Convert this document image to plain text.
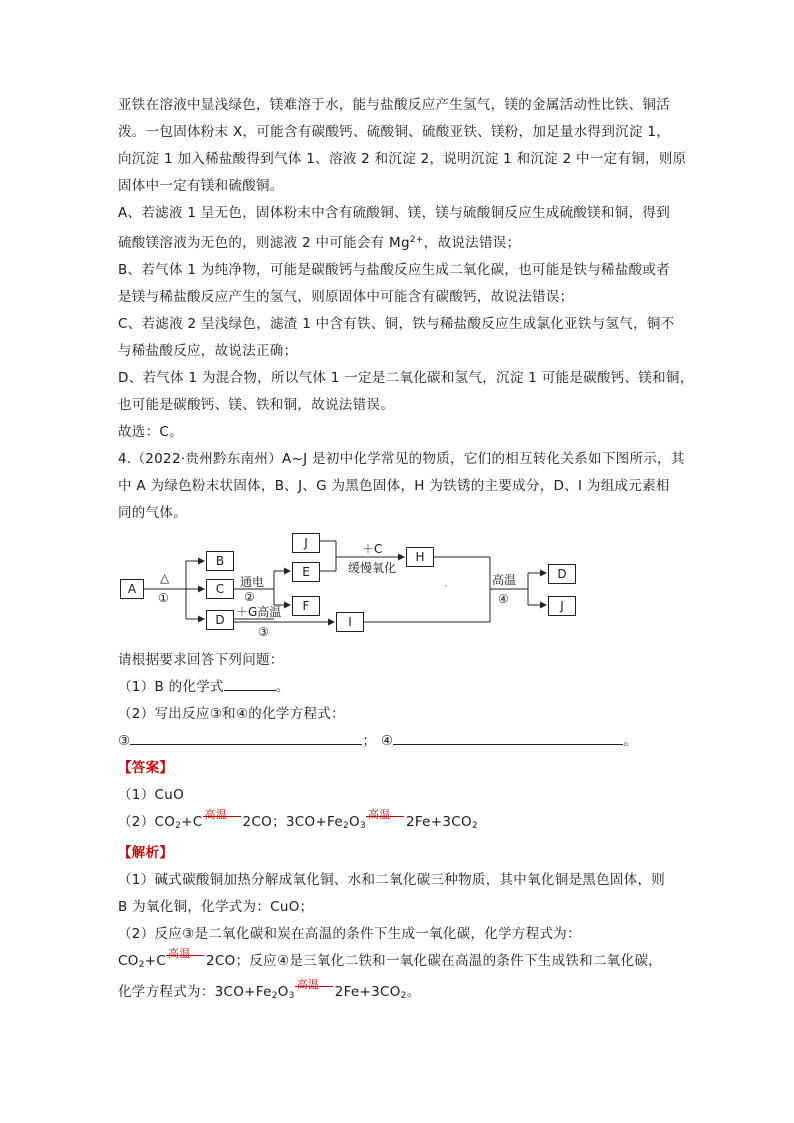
亚铁在溶液中显浅绿色，镁难溶于水，能与盐酸反应产生氢气，镁的金属活动性比铁、铜活
泼。一包固体粉末 X，可能含有碳酸钙、硫酸铜、硫酸亚铁、镁粉，加足量水得到沉淀 1，
向沉淀 1 加入稀盐酸得到气体 1、溶液 2 和沉淀 2，说明沉淀 1 和沉淀 2 中一定有铜，则原
固体中一定有镁和硫酸铜。
A、若滤液 1 呈无色，固体粉末中含有硫酸铜、镁，镁与硫酸铜反应生成硫酸镁和铜，得到
硫酸镁溶液为无色的，则滤液 2 中可能会有 $Mg^{2+}$，故说法错误；
B、若气体 1 为纯净物，可能是碳酸钙与盐酸反应生成二氧化碳，也可能是铁与稀盐酸或者
是镁与稀盐酸反应产生的氢气，则原固体中可能含有碳酸钙，故说法错误；
C、若滤液 2 呈浅绿色，滤渣 1 中含有铁、铜，铁与稀盐酸反应生成氯化亚铁与氢气，铜不
与稀盐酸反应，故说法正确；
D、若气体 1 为混合物，所以气体 1 一定是二氧化碳和氢气，沉淀 1 可能是碳酸钙、镁和铜，
也可能是碳酸钙、镁、铁和铜，故说法错误。
故选：C。
4.（2022·贵州黔东南州）A~J 是初中化学常见的物质，它们的相互转化关系如下图所示，其
中 A 为绿色粉末状固体，B、J、G 为黑色固体，H 为铁锈的主要成分，D、I 为组成元素相
同的气体。
A
B
C
D
J
E
F
H
I
D
J
△
①
通电
②
＋G高温
③
＋C
缓慢氧化
高温
④
·
请根据要求回答下列问题：
（1）B 的化学式	。
（2）写出反应③和④的化学方程式：
③	； ④	。
【答案】
（1）CuO
$(2)CO_2+C$ 高温 2CO；$3CO+Fe_2O_3$
高温 $2Fe+3CO_2$
【解析】
（1）碱式碳酸铜加热分解成氧化铜、水和二氧化碳三种物质，其中氧化铜是黑色固体，则
B 为氧化铜，化学式为：CuO；
（2）反应③是二氧化碳和炭在高温的条件下生成一氧化碳，化学方程式为：
$CO_2+C$ 高温 2CO；反应④是三氧化二铁和一氧化碳在高温的条件下生成铁和二氧化碳，
化学方程式为：$3CO+Fe_2O_3$
高温 $2Fe+3CO_2$。
